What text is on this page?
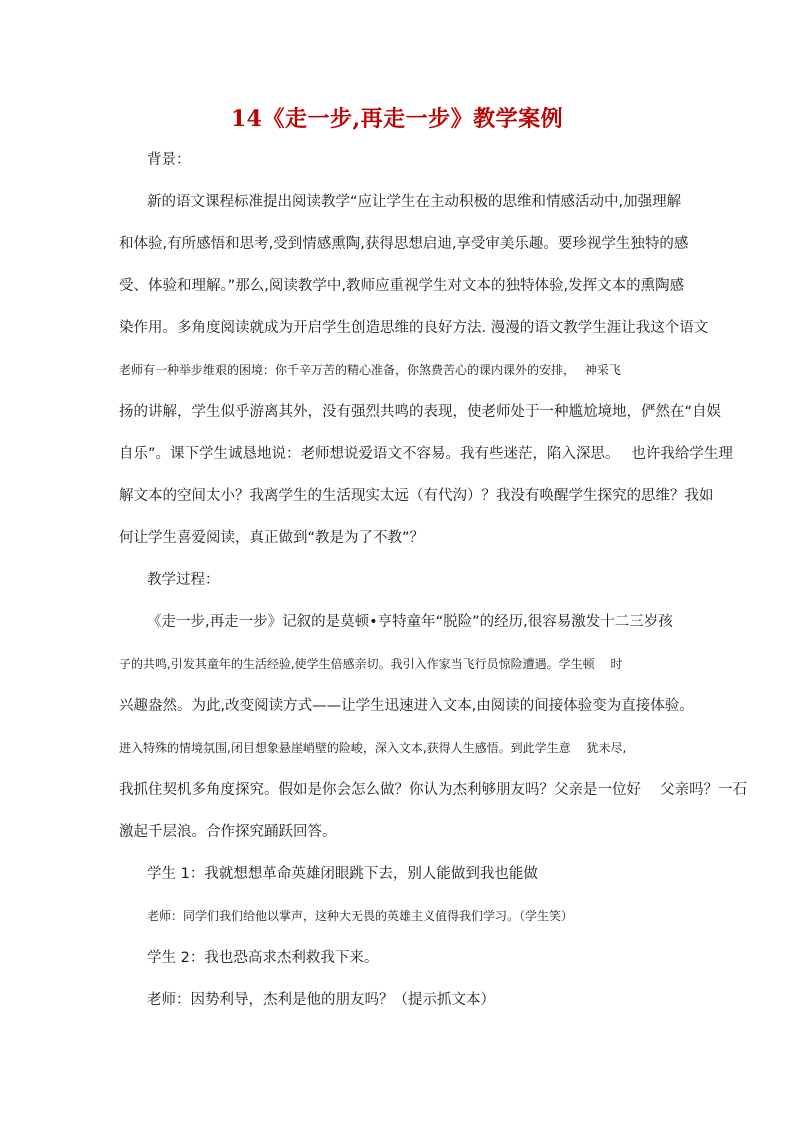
14《走一步,再走一步》教学案例
背景：
新的语文课程标准提出阅读教学“应让学生在主动积极的思维和情感活动中,加强理解
和体验,有所感悟和思考,受到情感熏陶,获得思想启迪,享受审美乐趣。要珍视学生独特的感
受、体验和理解。”那么,阅读教学中,教师应重视学生对文本的独特体验,发挥文本的熏陶感
染作用。多角度阅读就成为开启学生创造思维的良好方法. 漫漫的语文教学生涯让我这个语文
老师有一种举步维艰的困境：你千辛万苦的精心准备，你煞费苦心的课内课外的安排，　 神采飞
扬的讲解，学生似乎游离其外，没有强烈共鸣的表现，使老师处于一种尴尬境地，俨然在“自娱
自乐”。课下学生诚恳地说：老师想说爱语文不容易。我有些迷茫，陷入深思。　 也许我给学生理
解文本的空间太小？我离学生的生活现实太远（有代沟）？我没有唤醒学生探究的思维？我如
何让学生喜爱阅读，真正做到“教是为了不教”？
教学过程：
《走一步,再走一步》记叙的是莫顿•亨特童年“脱险”的经历,很容易激发十二三岁孩
子的共鸣,引发其童年的生活经验,使学生倍感亲切。我引入作家当飞行员惊险遭遇。学生顿　 时
兴趣盎然。为此,改变阅读方式——让学生迅速进入文本,由阅读的间接体验变为直接体验。
进入特殊的情境氛围,闭目想象悬崖峭壁的险峻，深入文本,获得人生感悟。到此学生意　 犹未尽,
我抓住契机多角度探究。假如是你会怎么做？你认为杰利够朋友吗？父亲是一位好　 父亲吗？一石
激起千层浪。合作探究踊跃回答。
学生 1：我就想想革命英雄闭眼跳下去，别人能做到我也能做
老师：同学们我们给他以掌声，这种大无畏的英雄主义值得我们学习。（学生笑）
学生 2：我也恐高求杰利救我下来。
老师：因势利导，杰利是他的朋友吗？（提示抓文本）
